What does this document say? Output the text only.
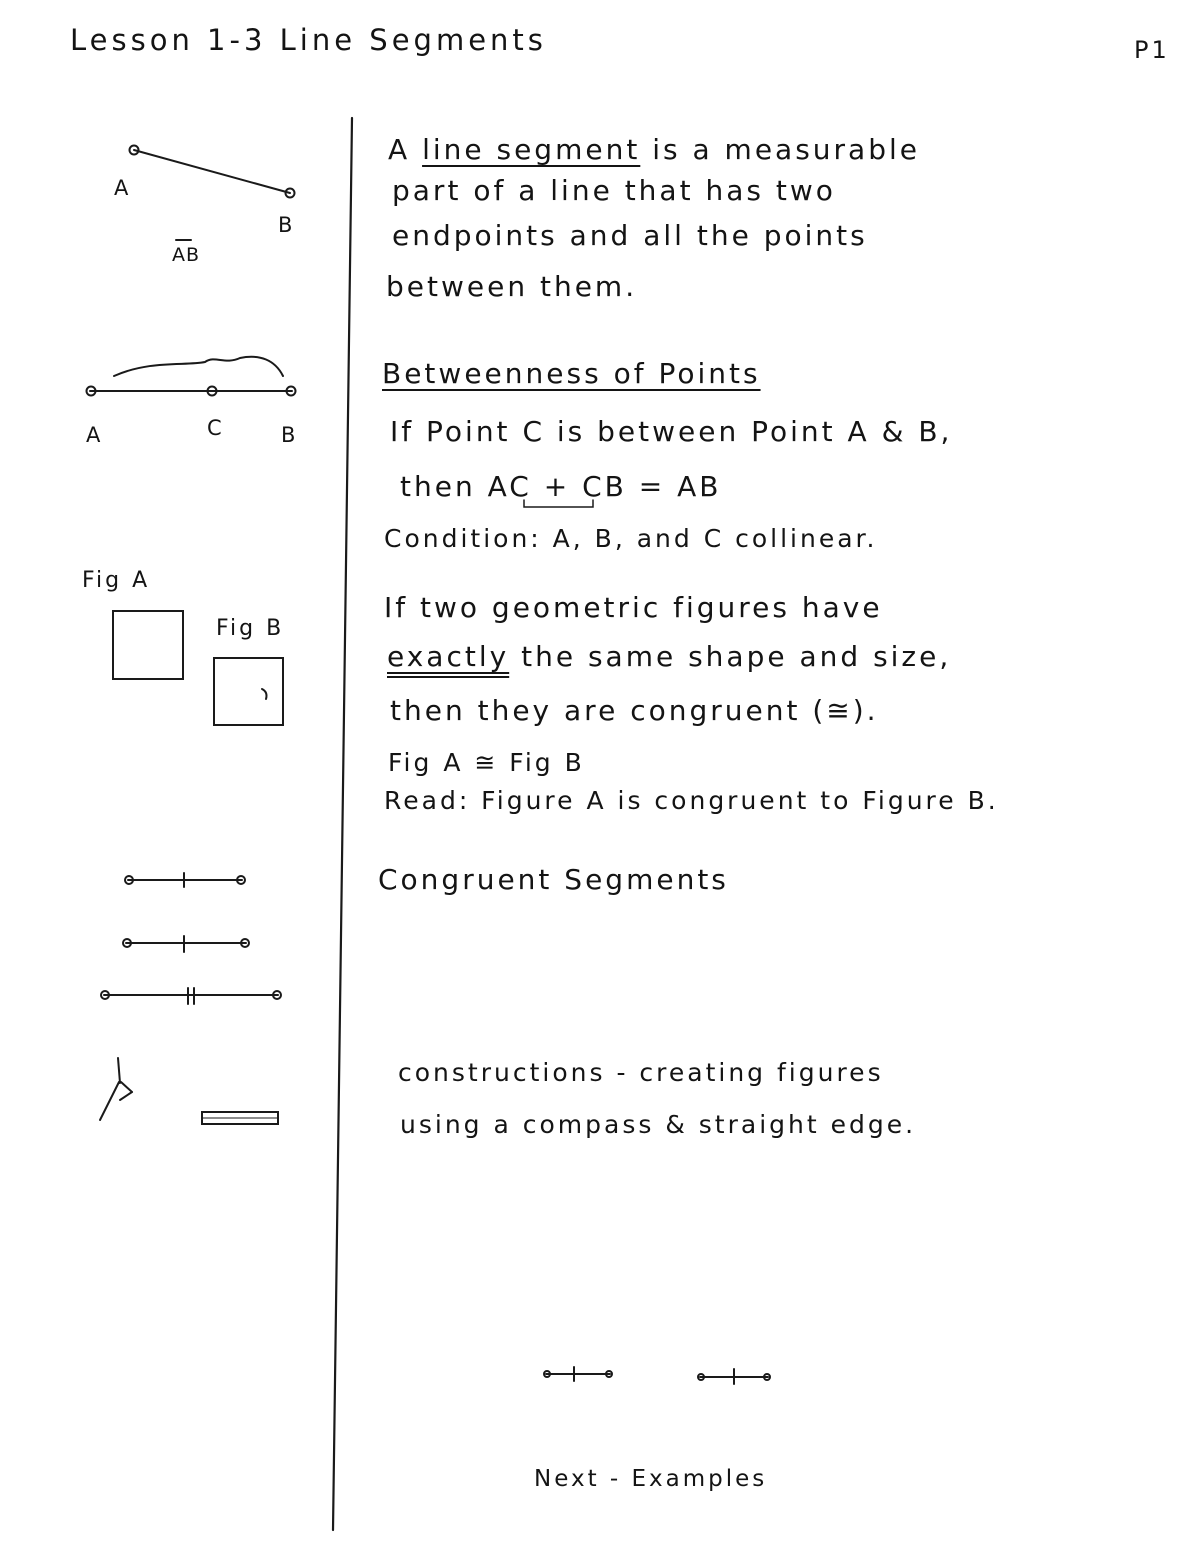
Lesson 1-3 Line Segments	P1
A
B
AB
A	C	B
Fig A
Fig B
A line segment is a measurable
part of a line that has two
endpoints and all the points
between them.
Betweenness of Points
If Point C is between Point A & B,
then AC + CB = AB
Condition: A, B, and C collinear.
If two geometric figures have
exactly the same shape and size,
then they are congruent (≅).
Fig A ≅ Fig B
Read: Figure A is congruent to Figure B.
Congruent Segments
constructions - creating figures
using a compass & straight edge.
Next - Examples
